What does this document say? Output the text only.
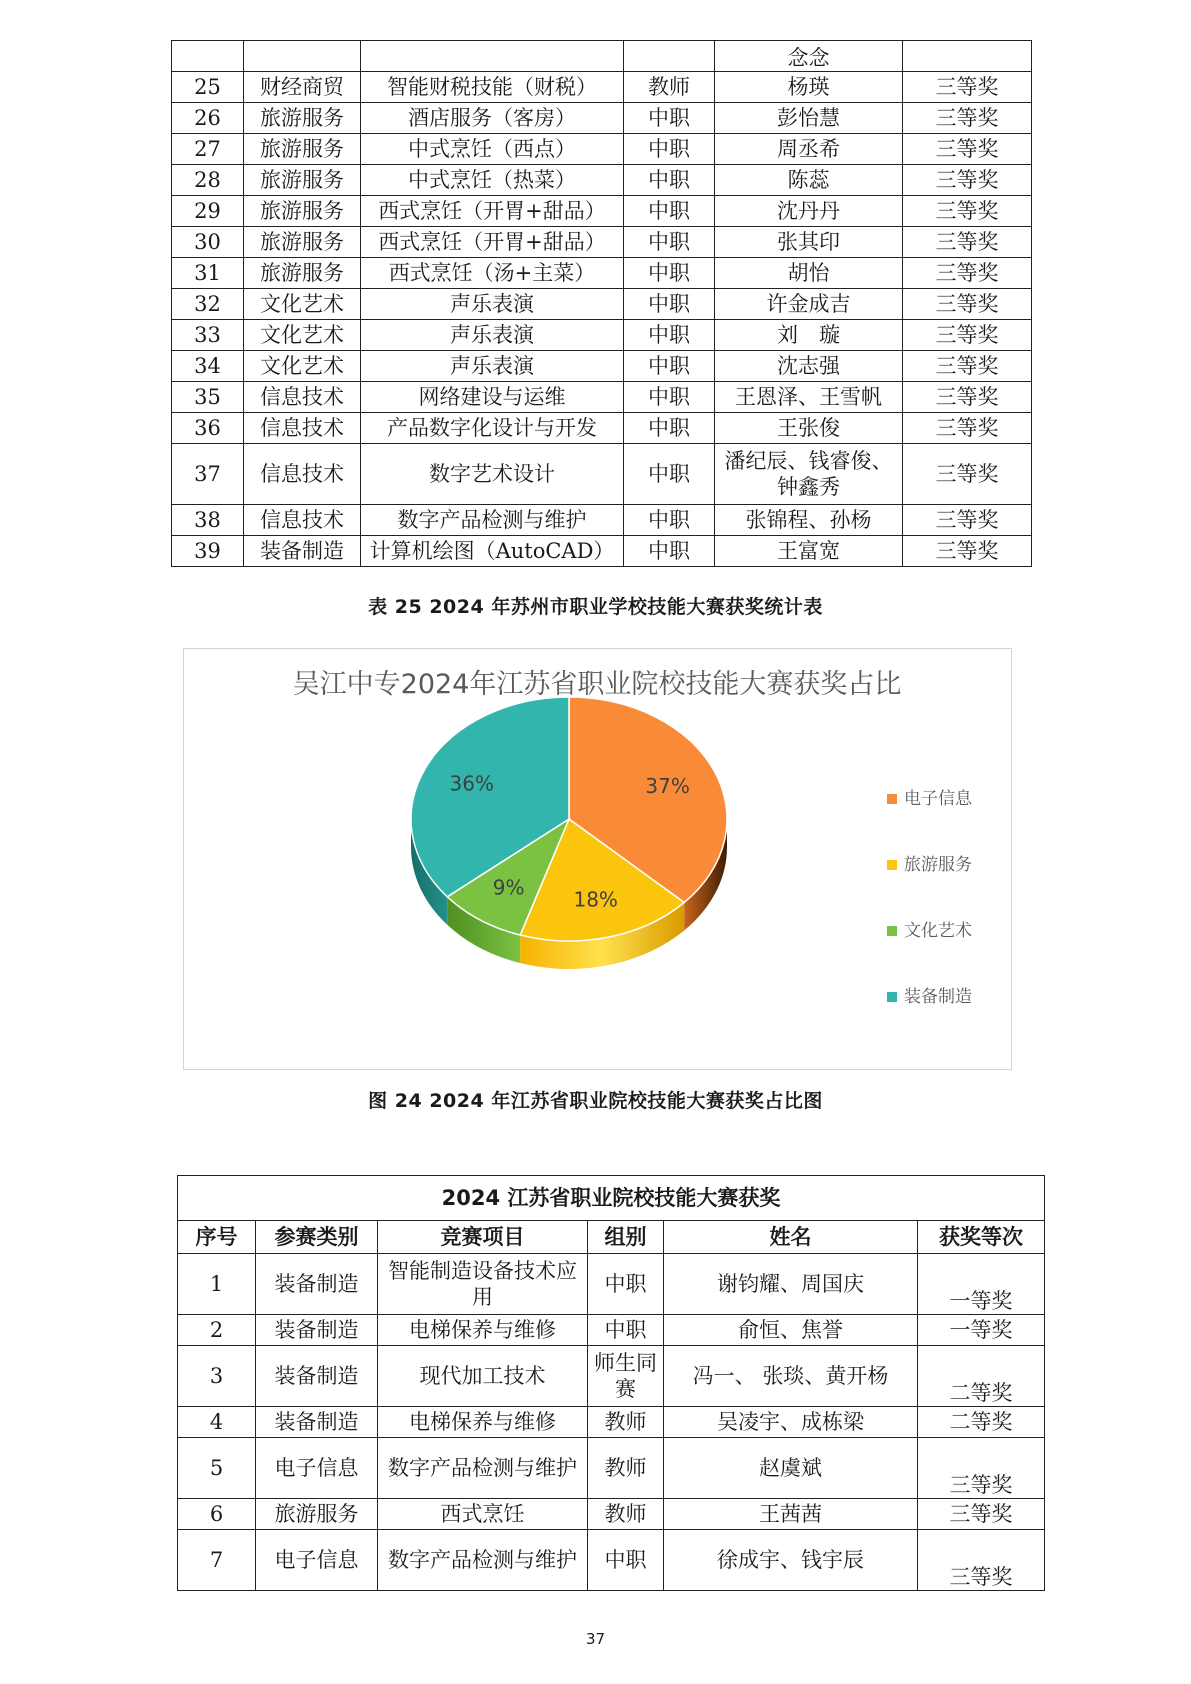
				念念	
25	财经商贸	智能财税技能（财税）	教师	杨瑛	三等奖
26	旅游服务	酒店服务（客房）	中职	彭怡慧	三等奖
27	旅游服务	中式烹饪（西点）	中职	周丞希	三等奖
28	旅游服务	中式烹饪（热菜）	中职	陈蕊	三等奖
29	旅游服务	西式烹饪（开胃+甜品）	中职	沈丹丹	三等奖
30	旅游服务	西式烹饪（开胃+甜品）	中职	张其印	三等奖
31	旅游服务	西式烹饪（汤+主菜）	中职	胡怡	三等奖
32	文化艺术	声乐表演	中职	许金成吉	三等奖
33	文化艺术	声乐表演	中职	刘　璇	三等奖
34	文化艺术	声乐表演	中职	沈志强	三等奖
35	信息技术	网络建设与运维	中职	王恩泽、王雪帆	三等奖
36	信息技术	产品数字化设计与开发	中职	王张俊	三等奖
37	信息技术	数字艺术设计	中职	潘纪辰、钱睿俊、钟鑫秀	三等奖
38	信息技术	数字产品检测与维护	中职	张锦程、孙杨	三等奖
39	装备制造	计算机绘图（AutoCAD）	中职	王富宽	三等奖
表 25 2024 年苏州市职业学校技能大赛获奖统计表
吴江中专2024年江苏省职业院校技能大赛获奖占比
37%
18%
9%
36%
电子信息
旅游服务
文化艺术
装备制造
图 24 2024 年江苏省职业院校技能大赛获奖占比图
2024 江苏省职业院校技能大赛获奖					
序号	参赛类别	竞赛项目	组别	姓名	获奖等次
1	装备制造	智能制造设备技术应用	中职	谢钧耀、周国庆	一等奖
2	装备制造	电梯保养与维修	中职	俞恒、焦誉	一等奖
3	装备制造	现代加工技术	师生同赛	冯一、 张琰、黄开杨	二等奖
4	装备制造	电梯保养与维修	教师	吴凌宇、成栋梁	二等奖
5	电子信息	数字产品检测与维护	教师	赵虞斌	三等奖
6	旅游服务	西式烹饪	教师	王茜茜	三等奖
7	电子信息	数字产品检测与维护	中职	徐成宇、钱宇辰	三等奖
37
